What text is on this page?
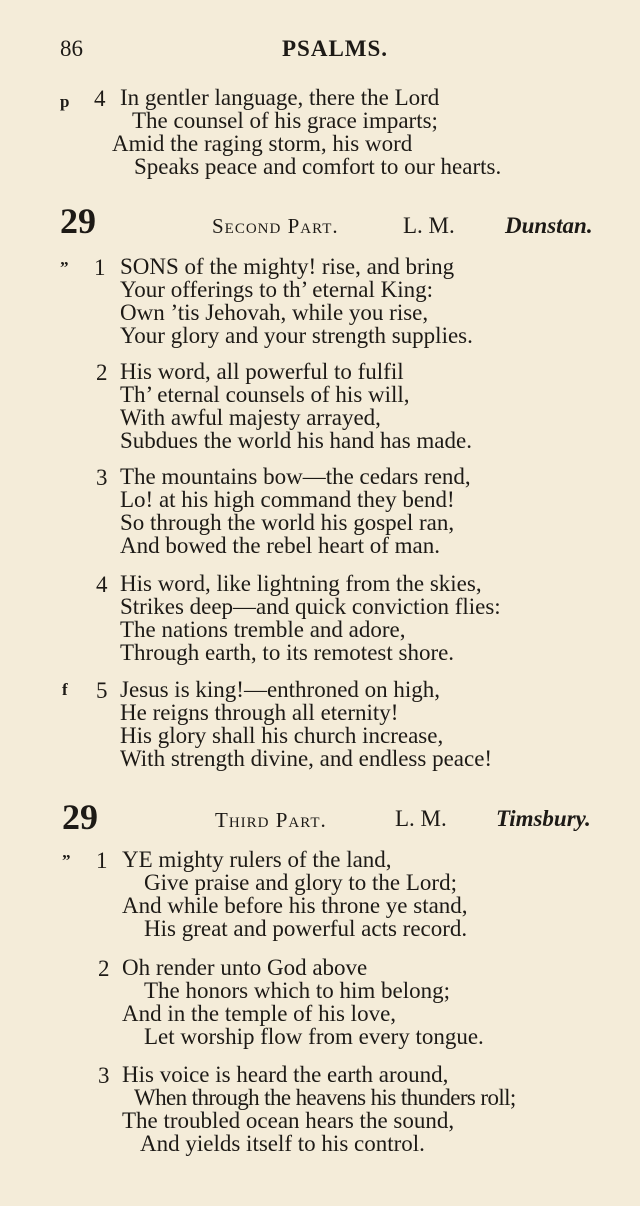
86	PSALMS.
p 4 In gentler language, there the Lord
The counsel of his grace imparts;
Amid the raging storm, his word
Speaks peace and comfort to our hearts.
29	Second Part.	L. M. Dunstan.
” 1 SONS of the mighty! rise, and bring
Your offerings to th’ eternal King:
Own ’tis Jehovah, while you rise,
Your glory and your strength supplies.
2 His word, all powerful to fulfil
Th’ eternal counsels of his will,
With awful majesty arrayed,
Subdues the world his hand has made.
3 The mountains bow—the cedars rend,
Lo! at his high command they bend!
So through the world his gospel ran,
And bowed the rebel heart of man.
4 His word, like lightning from the skies,
Strikes deep—and quick conviction flies:
The nations tremble and adore,
Through earth, to its remotest shore.
f 5 Jesus is king!—enthroned on high,
He reigns through all eternity!
His glory shall his church increase,
With strength divine, and endless peace!
29	Third Part.	L. M. Timsbury.
” 1 YE mighty rulers of the land,
Give praise and glory to the Lord;
And while before his throne ye stand,
His great and powerful acts record.
2 Oh render unto God above
The honors which to him belong;
And in the temple of his love,
Let worship flow from every tongue.
3 His voice is heard the earth around,
When through the heavens his thunders roll;
The troubled ocean hears the sound,
And yields itself to his control.
